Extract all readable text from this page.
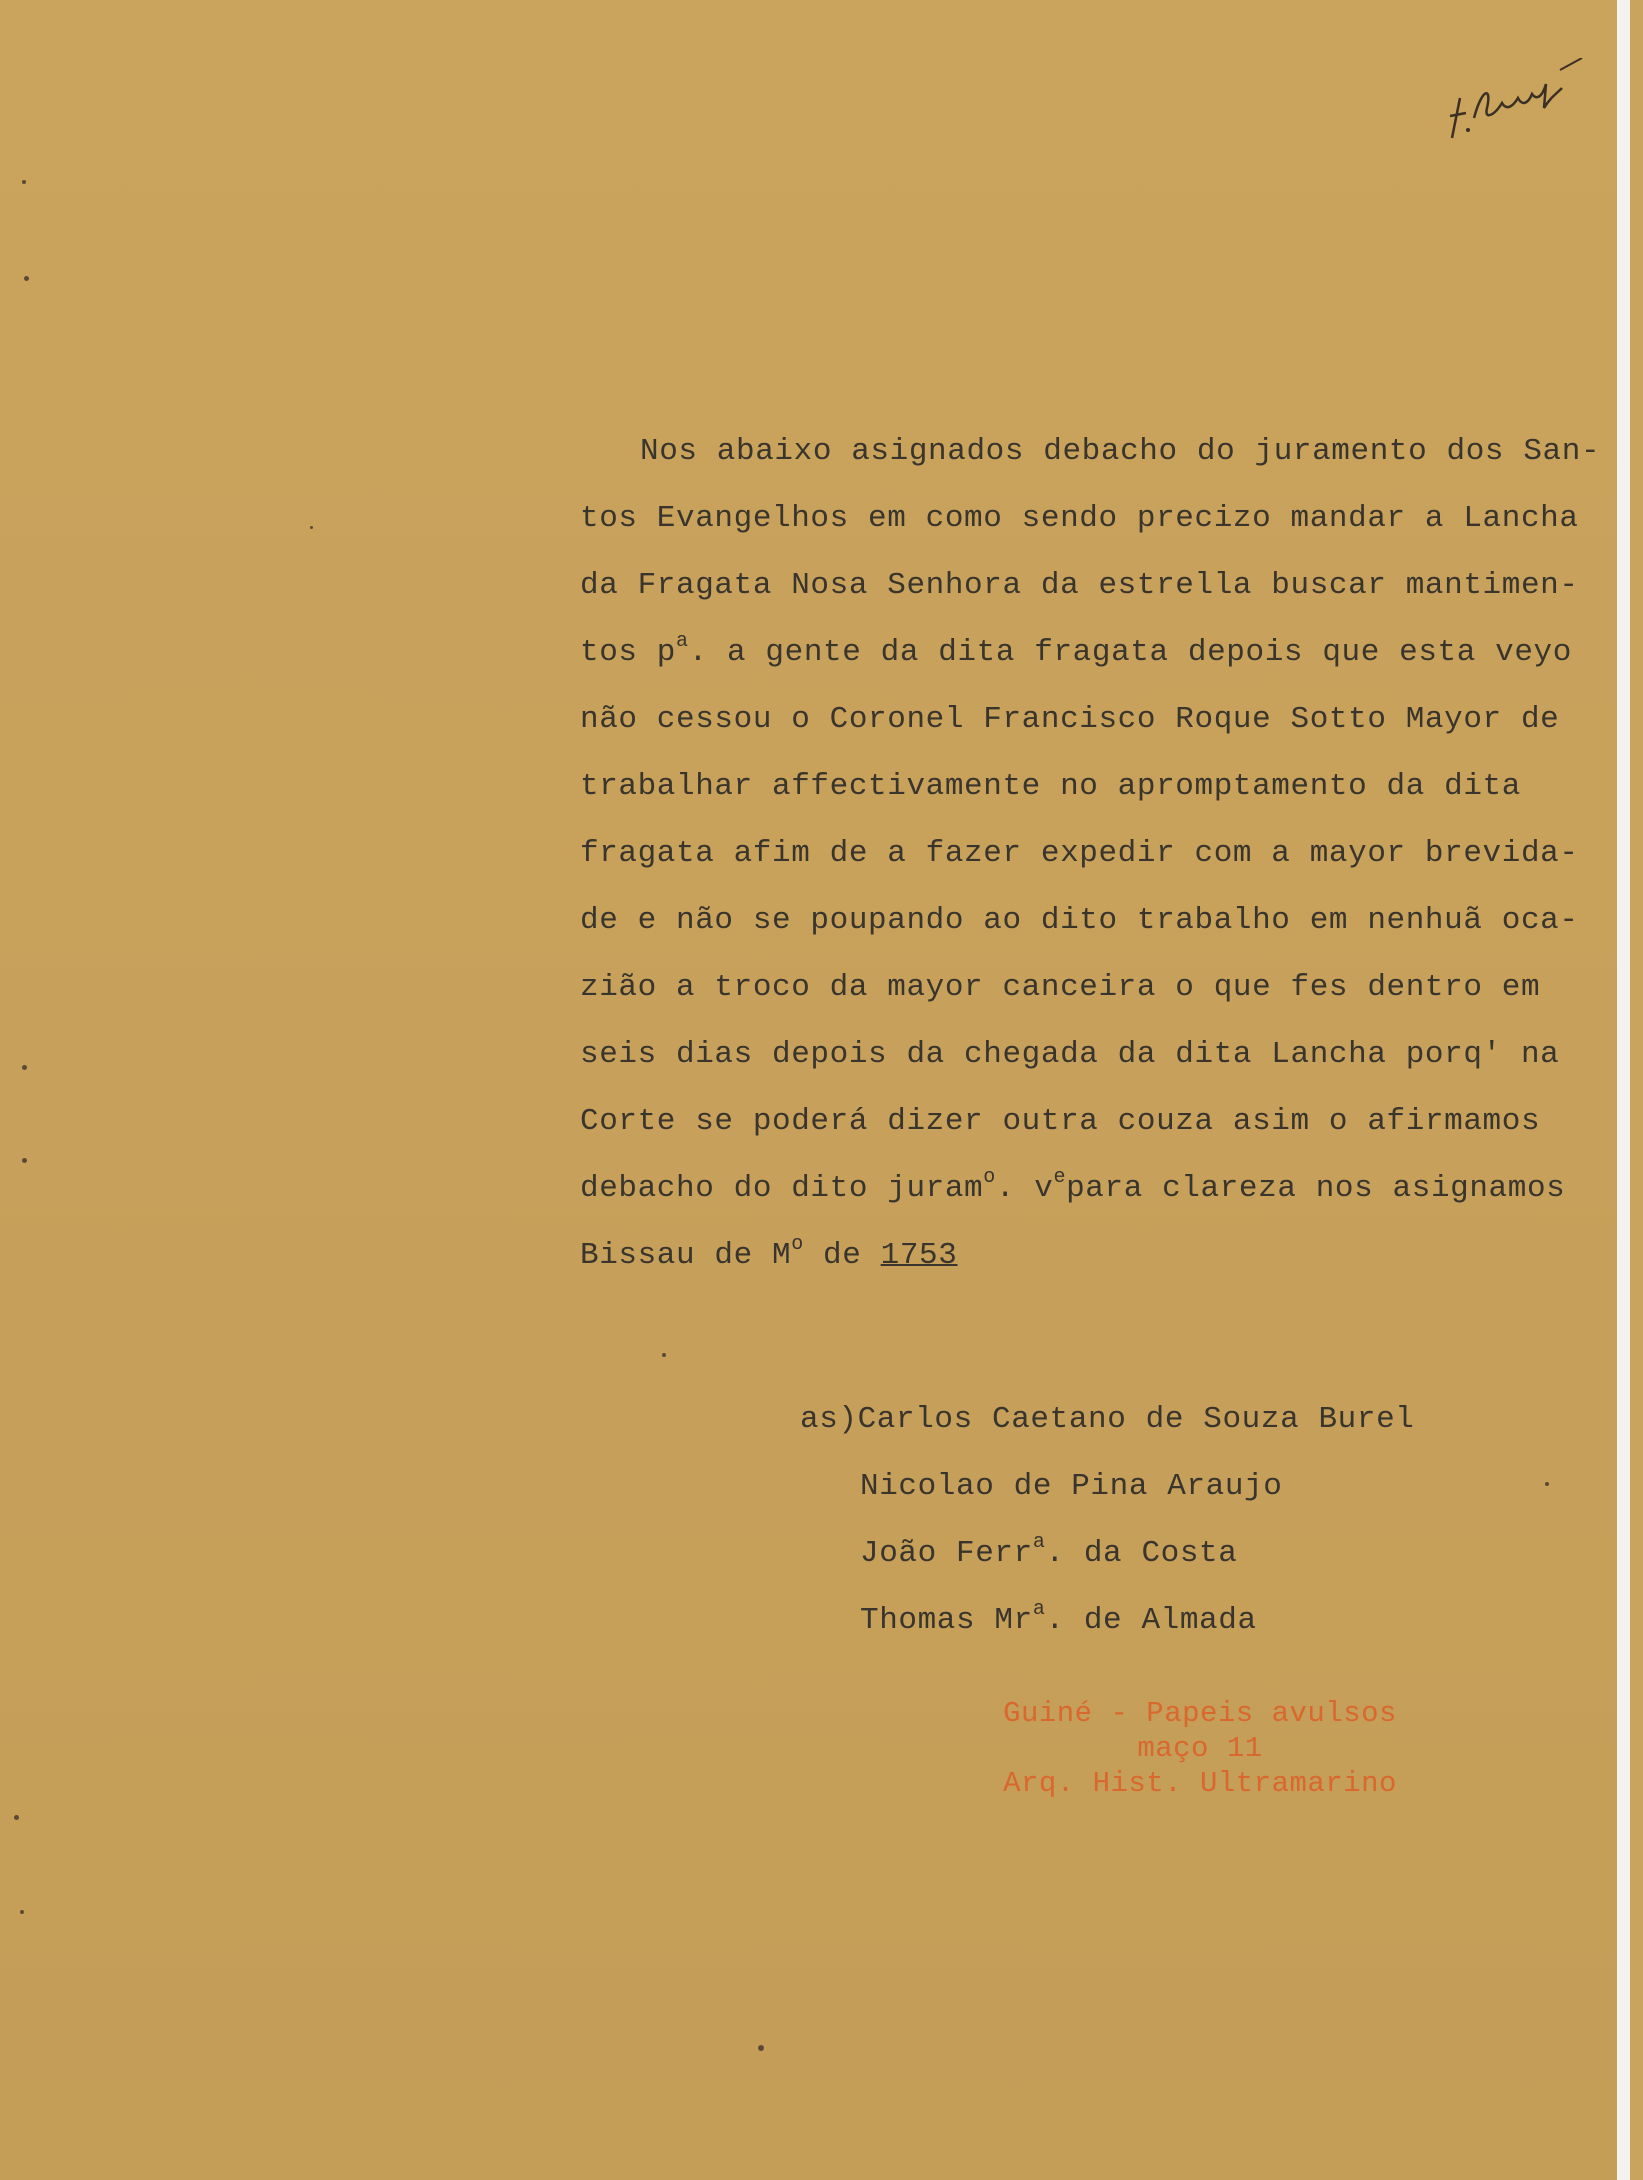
Nos abaixo asignados debacho do juramento dos San-
tos Evangelhos em como sendo precizo mandar a Lancha
da Fragata Nosa Senhora da estrella buscar mantimen-
tos $p^a$. a gente da dita fragata depois que esta veyo
não cessou o Coronel Francisco Roque Sotto Mayor de
trabalhar affectivamente no aprompt​amento da dita
fragata afim de a fazer expedir com a mayor brevida-
de e não se poupando ao dito trabalho em nenhuã oca-
zião a troco da mayor canceira o que fes dentro em
seis dias depois da chegada da dita Lancha porq' na
Corte se poderá dizer outra couza asim o afirmamos
debacho do dito juram$^o$. $v^epara$ clareza nos asignamos
Bissau de $M^o$ de 1753
as)Carlos Caetano de Souza Burel
Nicolao de Pina Araujo
João Ferr$^a$. da Costa
Thomas Mr$^a$. de Almada
Guiné - Papeis avulsos
maço 11
Arq. Hist. Ultramarino
